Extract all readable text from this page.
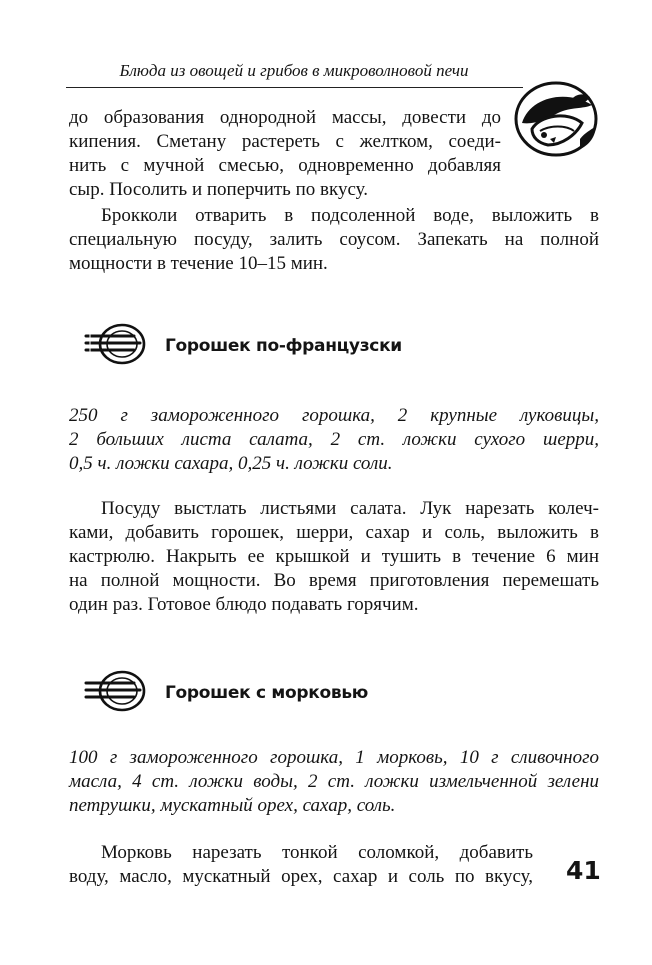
Блюда из овощей и грибов в микроволновой печи
до образования однородной массы, довести до
кипения. Сметану растереть с желтком, соеди-
нить с мучной смесью, одновременно добавляя
сыр. Посолить и поперчить по вкусу.
Брокколи отварить в подсоленной воде, выложить в
специальную посуду, залить соусом. Запекать на полной
мощности в течение 10–15 мин.
Горошек по-французски
250 г замороженного горошка, 2 крупные луковицы,
2 больших листа салата, 2 ст. ложки сухого шерри,
0,5 ч. ложки сахара, 0,25 ч. ложки соли.
Посуду выстлать листьями салата. Лук нарезать колеч-
ками, добавить горошек, шерри, сахар и соль, выложить в
кастрюлю. Накрыть ее крышкой и тушить в течение 6 мин
на полной мощности. Во время приготовления перемешать
один раз. Готовое блюдо подавать горячим.
Горошек с морковью
100 г замороженного горошка, 1 морковь, 10 г сливочного
масла, 4 ст. ложки воды, 2 ст. ложки измельченной зелени
петрушки, мускатный орех, сахар, соль.
Морковь нарезать тонкой соломкой, добавить
воду, масло, мускатный орех, сахар и соль по вкусу, 41
